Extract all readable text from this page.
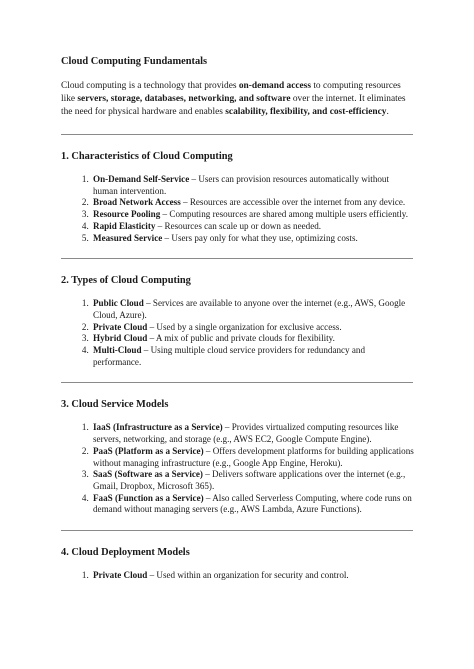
Cloud Computing Fundamentals

Cloud computing is a technology that provides on-demand access to computing resources like servers, storage, databases, networking, and software over the internet. It eliminates the need for physical hardware and enables scalability, flexibility, and cost-efficiency.

1. Characteristics of Cloud Computing
1. On-Demand Self-Service – Users can provision resources automatically without human intervention.
2. Broad Network Access – Resources are accessible over the internet from any device.
3. Resource Pooling – Computing resources are shared among multiple users efficiently.
4. Rapid Elasticity – Resources can scale up or down as needed.
5. Measured Service – Users pay only for what they use, optimizing costs.
2. Types of Cloud Computing
1. Public Cloud – Services are available to anyone over the internet (e.g., AWS, Google Cloud, Azure).
2. Private Cloud – Used by a single organization for exclusive access.
3. Hybrid Cloud – A mix of public and private clouds for flexibility.
4. Multi-Cloud – Using multiple cloud service providers for redundancy and performance.
3. Cloud Service Models
1. IaaS (Infrastructure as a Service) – Provides virtualized computing resources like servers, networking, and storage (e.g., AWS EC2, Google Compute Engine).
2. PaaS (Platform as a Service) – Offers development platforms for building applications without managing infrastructure (e.g., Google App Engine, Heroku).
3. SaaS (Software as a Service) – Delivers software applications over the internet (e.g., Gmail, Dropbox, Microsoft 365).
4. FaaS (Function as a Service) – Also called Serverless Computing, where code runs on demand without managing servers (e.g., AWS Lambda, Azure Functions).
4. Cloud Deployment Models
1. Private Cloud – Used within an organization for security and control.
